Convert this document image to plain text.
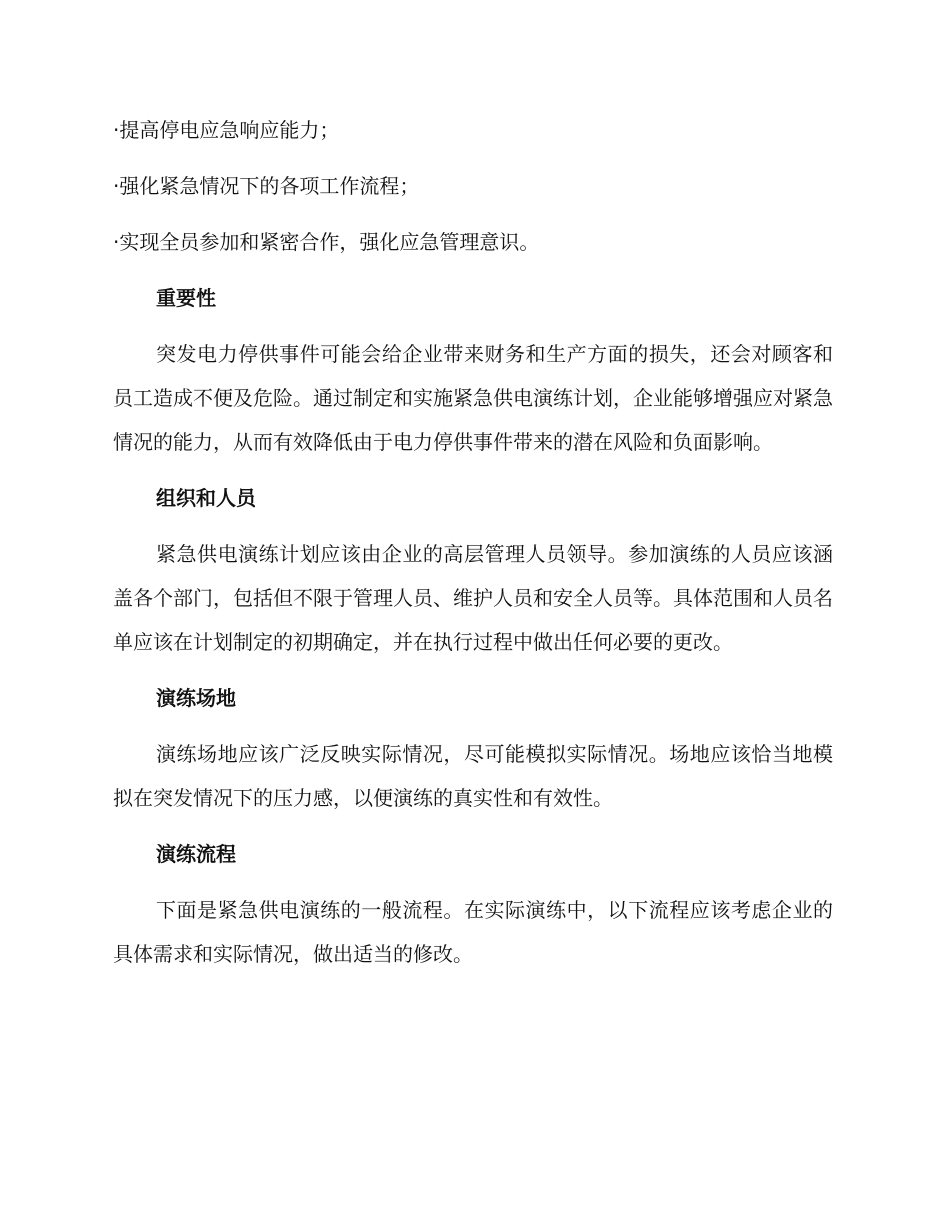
·提高停电应急响应能力；
·强化紧急情况下的各项工作流程；
·实现全员参加和紧密合作，强化应急管理意识。
重要性
突发电力停供事件可能会给企业带来财务和生产方面的损失，还会对顾客和员工造成不便及危险。通过制定和实施紧急供电演练计划，企业能够增强应对紧急情况的能力，从而有效降低由于电力停供事件带来的潜在风险和负面影响。
组织和人员
紧急供电演练计划应该由企业的高层管理人员领导。参加演练的人员应该涵盖各个部门，包括但不限于管理人员、维护人员和安全人员等。具体范围和人员名单应该在计划制定的初期确定，并在执行过程中做出任何必要的更改。
演练场地
演练场地应该广泛反映实际情况，尽可能模拟实际情况。场地应该恰当地模拟在突发情况下的压力感，以便演练的真实性和有效性。
演练流程
下面是紧急供电演练的一般流程。在实际演练中，以下流程应该考虑企业的具体需求和实际情况，做出适当的修改。
